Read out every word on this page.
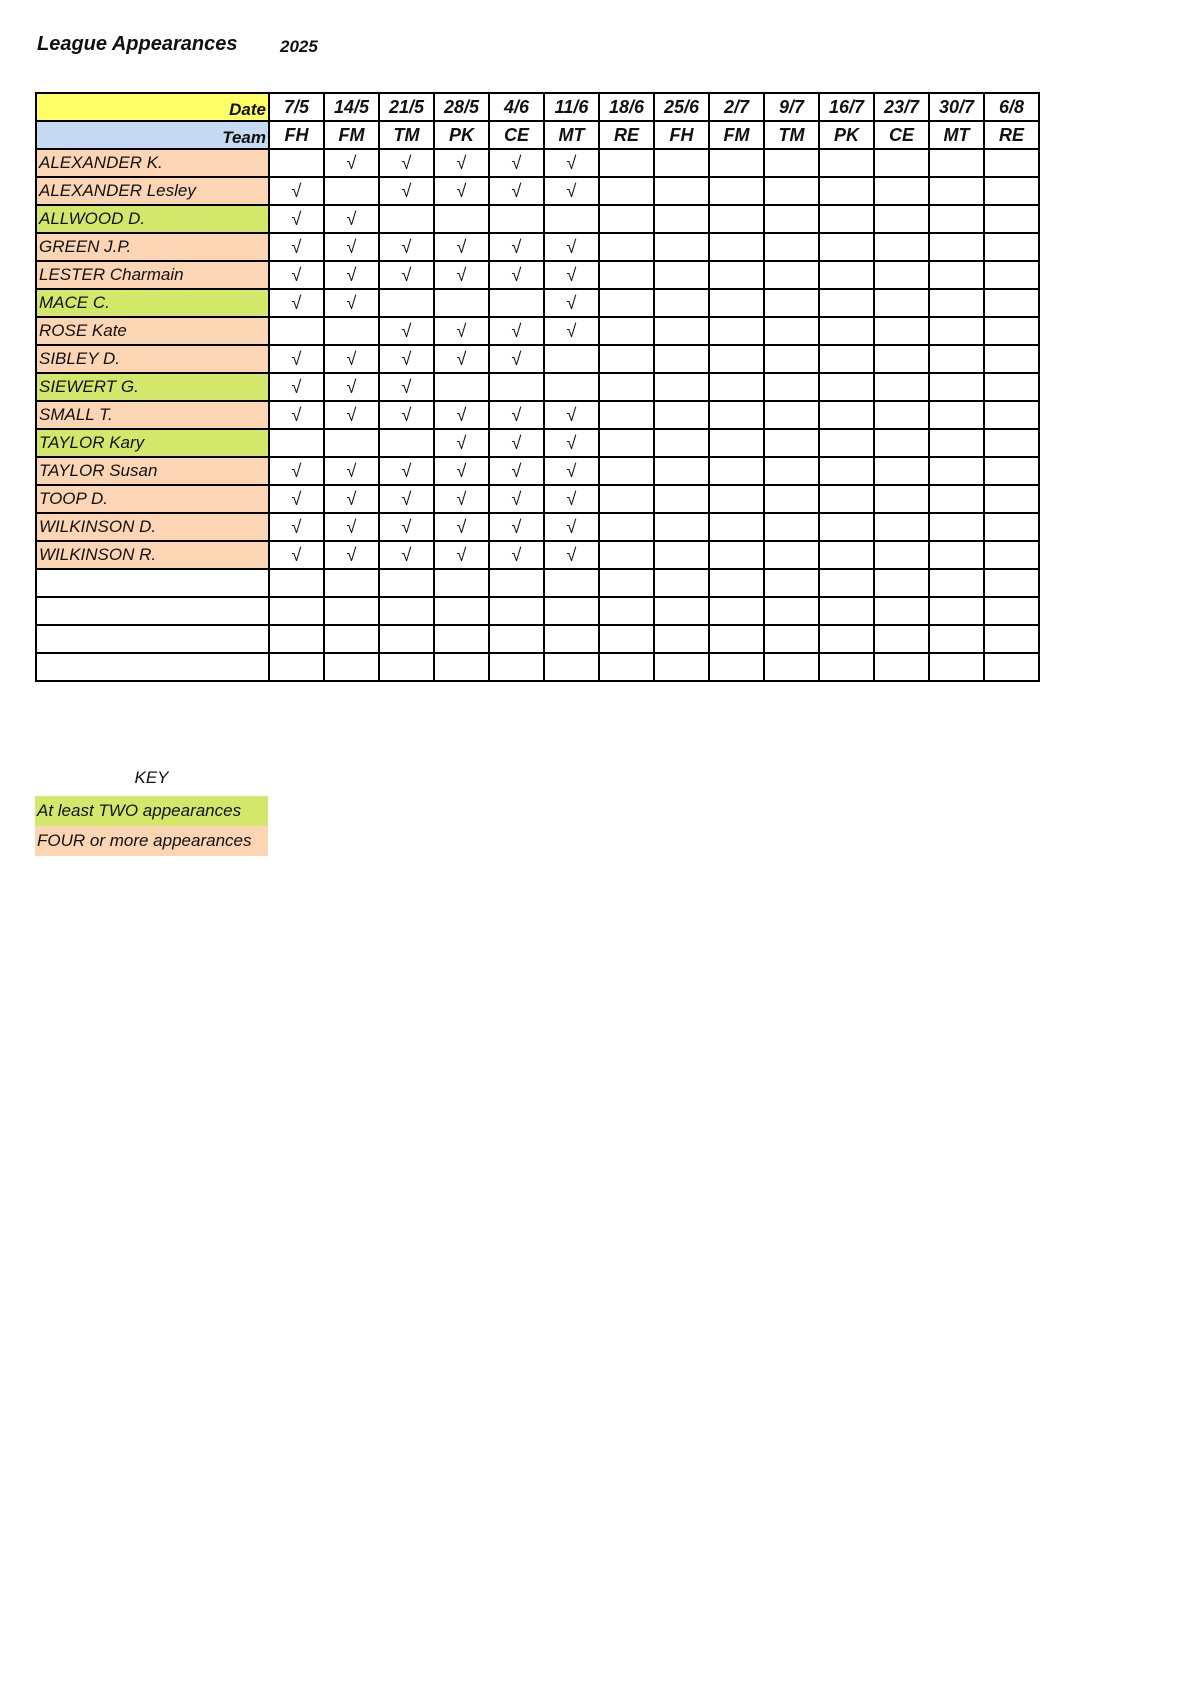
League Appearances	2025
Date	7/5	14/5	21/5	28/5	4/6	11/6	18/6	25/6	2/7	9/7	16/7	23/7	30/7	6/8
Team	FH	FM	TM	PK	CE	MT	RE	FH	FM	TM	PK	CE	MT	RE
ALEXANDER K.		√	√	√	√	√								
ALEXANDER Lesley	√		√	√	√	√								
ALLWOOD D.	√	√												
GREEN J.P.	√	√	√	√	√	√								
LESTER Charmain	√	√	√	√	√	√								
MACE C.	√	√				√								
ROSE Kate			√	√	√	√								
SIBLEY D.	√	√	√	√	√									
SIEWERT G.	√	√	√											
SMALL T.	√	√	√	√	√	√								
TAYLOR Kary				√	√	√								
TAYLOR Susan	√	√	√	√	√	√								
TOOP D.	√	√	√	√	√	√								
WILKINSON D.	√	√	√	√	√	√								
WILKINSON R.	√	√	√	√	√	√								

KEY
At least TWO appearances
FOUR or more appearances
